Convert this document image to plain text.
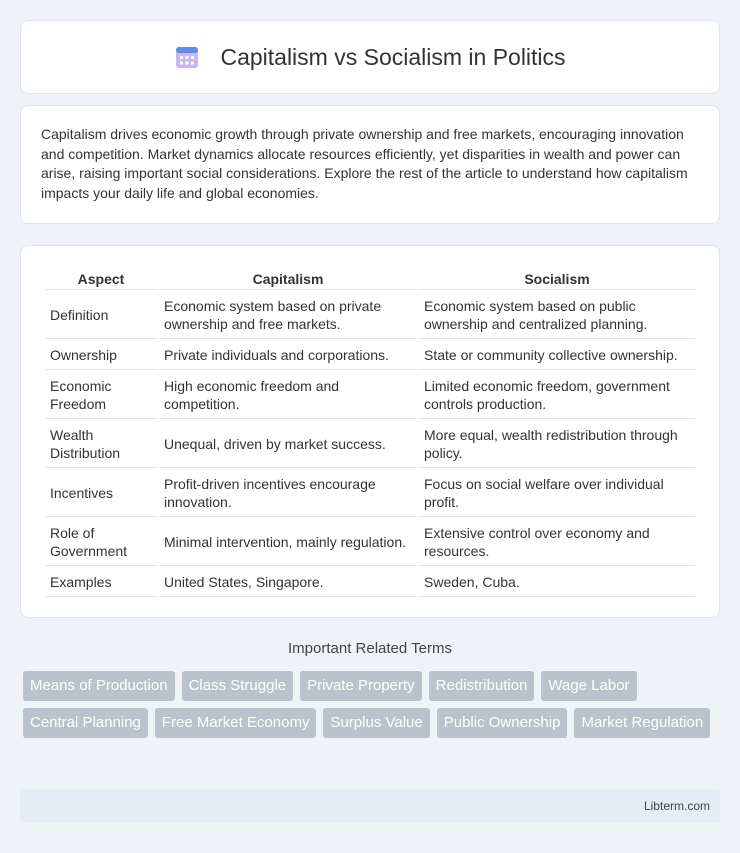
Capitalism vs Socialism in Politics

Capitalism drives economic growth through private ownership and free markets, encouraging innovation and competition. Market dynamics allocate resources efficiently, yet disparities in wealth and power can arise, raising important social considerations. Explore the rest of the article to understand how capitalism impacts your daily life and global economies.

Aspect	Capitalism	Socialism
Definition	Economic system based on private ownership and free markets.	Economic system based on public ownership and centralized planning.
Ownership	Private individuals and corporations.	State or community collective ownership.
Economic Freedom	High economic freedom and competition.	Limited economic freedom, government controls production.
Wealth Distribution	Unequal, driven by market success.	More equal, wealth redistribution through policy.
Incentives	Profit-driven incentives encourage innovation.	Focus on social welfare over individual profit.
Role of Government	Minimal intervention, mainly regulation.	Extensive control over economy and resources.
Examples	United States, Singapore.	Sweden, Cuba.
Important Related Terms
Means of Production	Class Struggle	Private Property	Redistribution	Wage Labor
Central Planning	Free Market Economy	Surplus Value	Public Ownership	Market Regulation
Libterm.com
